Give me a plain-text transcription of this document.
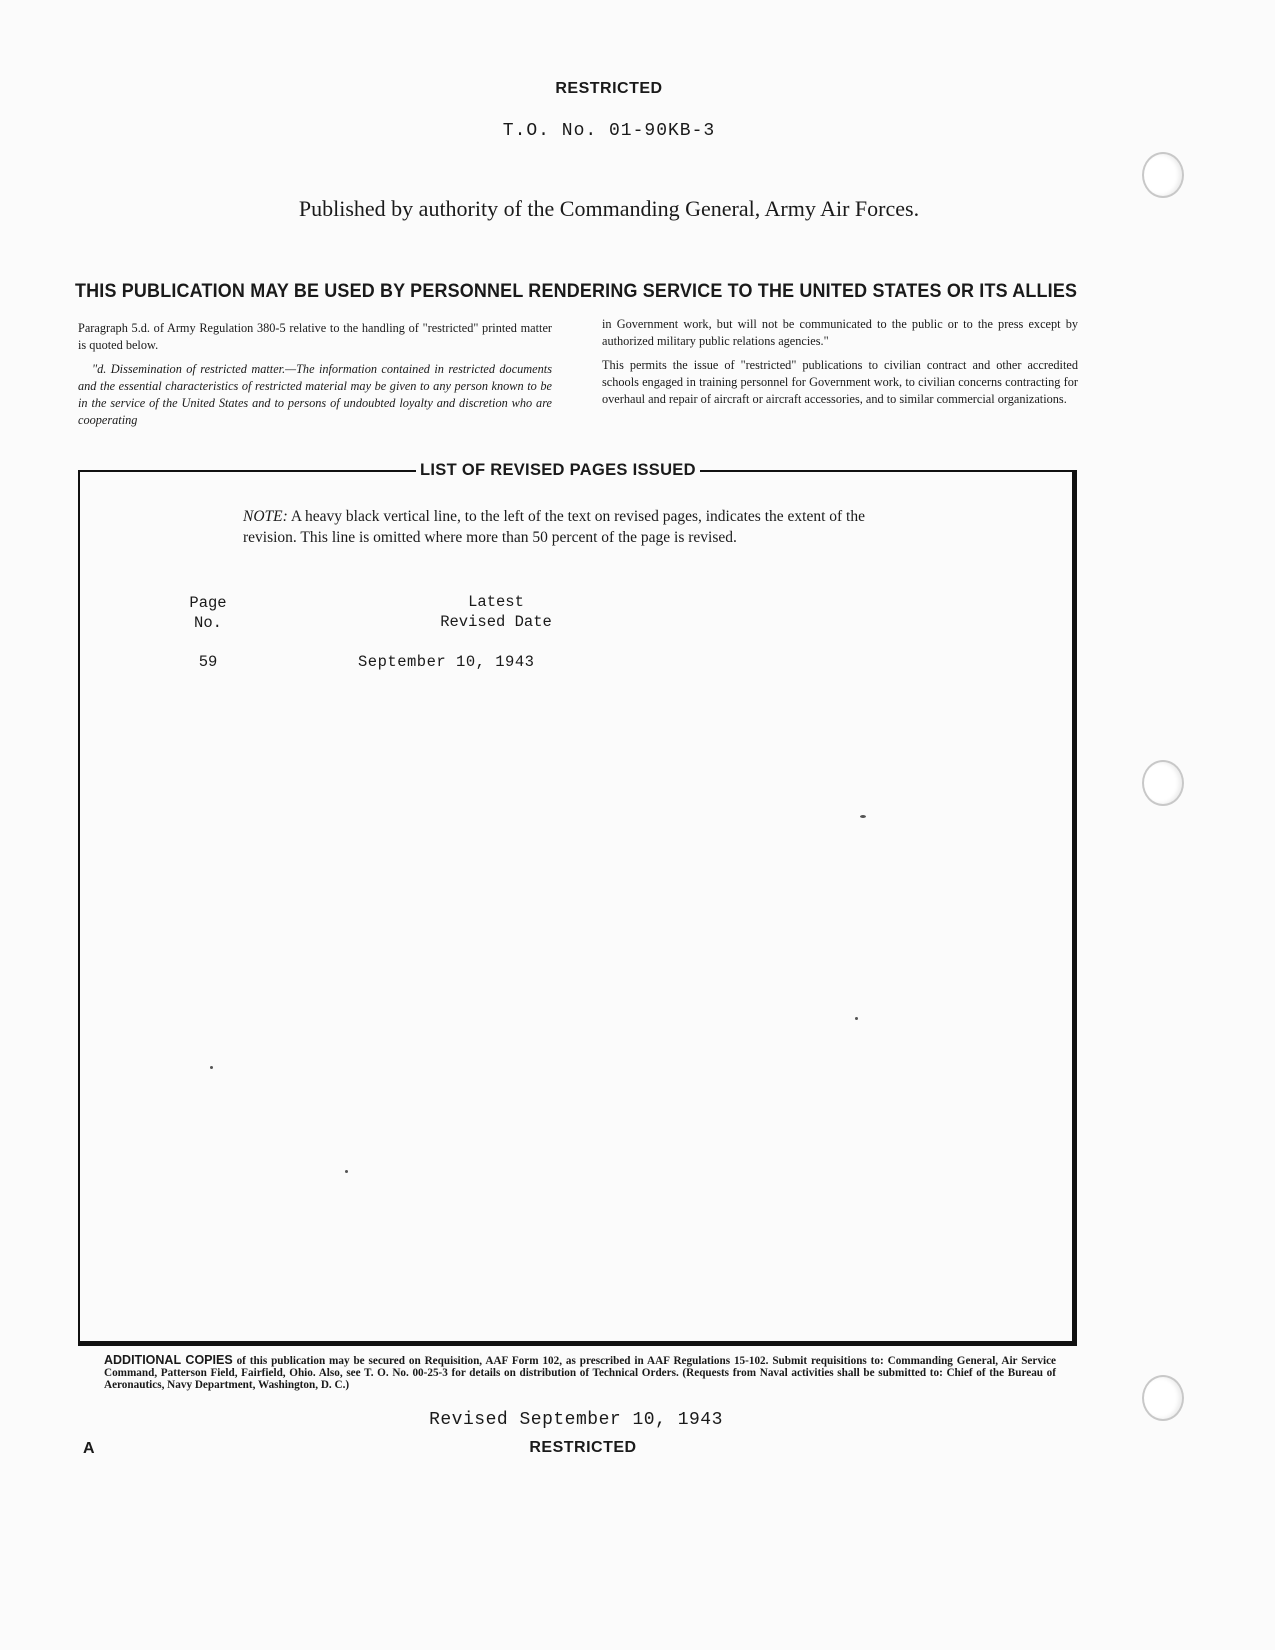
RESTRICTED
T.O. No. 01-90KB-3
Published by authority of the Commanding General, Army Air Forces.
THIS PUBLICATION MAY BE USED BY PERSONNEL RENDERING SERVICE TO THE UNITED STATES OR ITS ALLIES

Paragraph 5.d. of Army Regulation 380-5 relative to the handling of "restricted" printed matter is quoted below.

"d. Dissemination of restricted matter.—The information contained in restricted documents and the essential characteristics of restricted material may be given to any person known to be in the service of the United States and to persons of undoubted loyalty and discretion who are cooperating

in Government work, but will not be communicated to the public or to the press except by authorized military public relations agencies."

This permits the issue of "restricted" publications to civilian contract and other accredited schools engaged in training personnel for Government work, to civilian concerns contracting for overhaul and repair of aircraft or aircraft accessories, and to similar commercial organizations.

LIST OF REVISED PAGES ISSUED
NOTE: A heavy black vertical line, to the left of the text on revised pages, indicates the extent of the revision. This line is omitted where more than 50 percent of the page is revised.
Page
No.
Latest
Revised Date
59	September 10, 1943
ADDITIONAL COPIES of this publication may be secured on Requisition, AAF Form 102, as prescribed in AAF Regulations 15-102. Submit requisitions to: Commanding General, Air Service Command, Patterson Field, Fairfield, Ohio. Also, see T. O. No. 00-25-3 for details on distribution of Technical Orders. (Requests from Naval activities shall be submitted to: Chief of the Bureau of Aeronautics, Navy Department, Washington, D. C.)
Revised September 10, 1943
RESTRICTED
A
